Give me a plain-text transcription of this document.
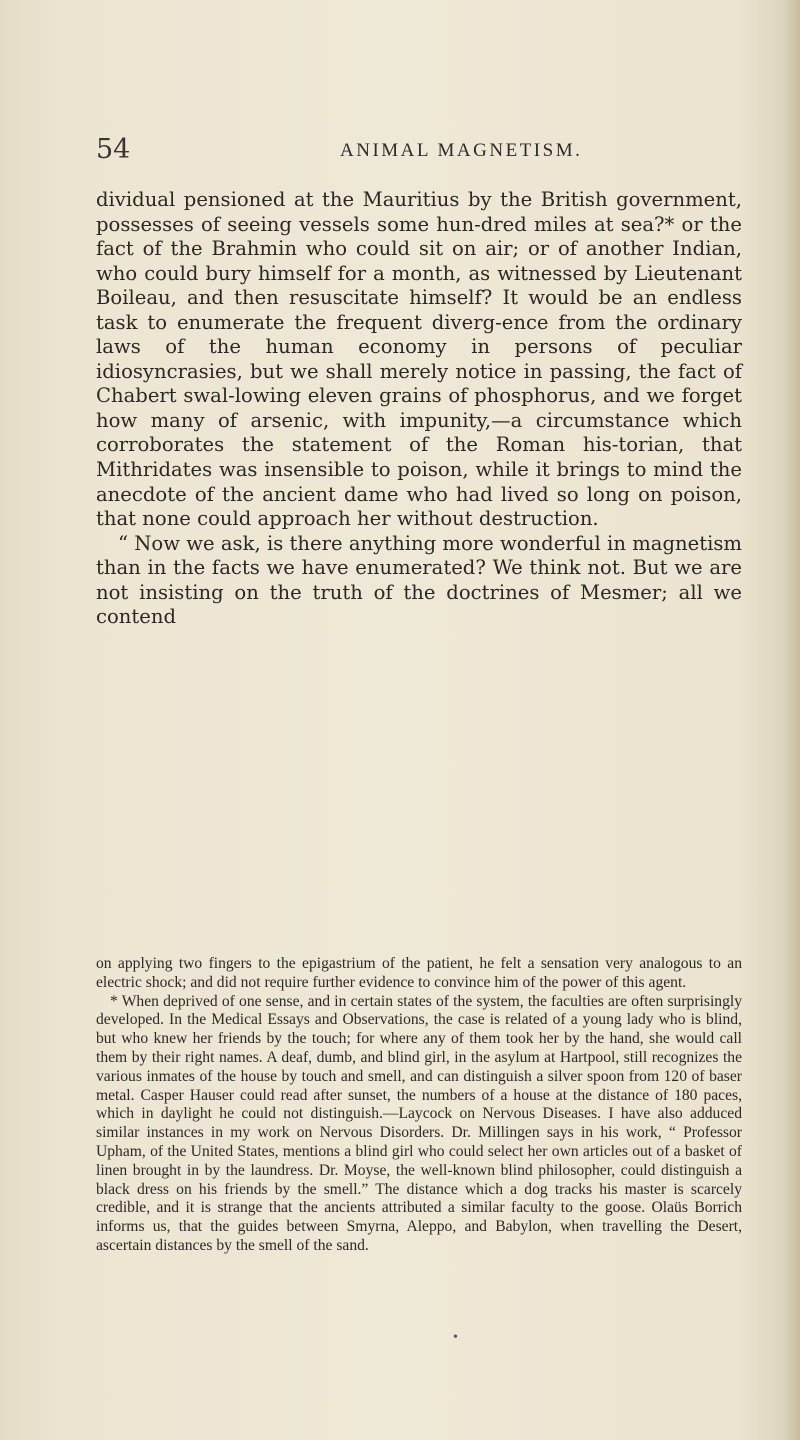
54	ANIMAL MAGNETISM.

dividual pensioned at the Mauritius by the British government, possesses of seeing vessels some hun-dred miles at sea?* or the fact of the Brahmin who could sit on air; or of another Indian, who could bury himself for a month, as witnessed by Lieutenant Boileau, and then resuscitate himself? It would be an endless task to enumerate the frequent diverg-ence from the ordinary laws of the human economy in persons of peculiar idiosyncrasies, but we shall merely notice in passing, the fact of Chabert swal-lowing eleven grains of phosphorus, and we forget how many of arsenic, with impunity,—a circumstance which corroborates the statement of the Roman his-torian, that Mithridates was insensible to poison, while it brings to mind the anecdote of the ancient dame who had lived so long on poison, that none could approach her without destruction.

“ Now we ask, is there anything more wonderful in magnetism than in the facts we have enumerated? We think not. But we are not insisting on the truth of the doctrines of Mesmer; all we contend

on applying two fingers to the epigastrium of the patient, he felt a sensation very analogous to an electric shock; and did not require further evidence to convince him of the power of this agent.

* When deprived of one sense, and in certain states of the system, the faculties are often surprisingly developed. In the Medical Essays and Observations, the case is related of a young lady who is blind, but who knew her friends by the touch; for where any of them took her by the hand, she would call them by their right names. A deaf, dumb, and blind girl, in the asylum at Hartpool, still recognizes the various inmates of the house by touch and smell, and can distinguish a silver spoon from 120 of baser metal. Casper Hauser could read after sunset, the numbers of a house at the distance of 180 paces, which in daylight he could not distinguish.—Laycock on Nervous Diseases. I have also adduced similar instances in my work on Nervous Disorders. Dr. Millingen says in his work, “ Professor Upham, of the United States, mentions a blind girl who could select her own articles out of a basket of linen brought in by the laundress. Dr. Moyse, the well-known blind philosopher, could distinguish a black dress on his friends by the smell.” The distance which a dog tracks his master is scarcely credible, and it is strange that the ancients attributed a similar faculty to the goose. Olaüs Borrich informs us, that the guides between Smyrna, Aleppo, and Babylon, when travelling the Desert, ascertain distances by the smell of the sand.

•
